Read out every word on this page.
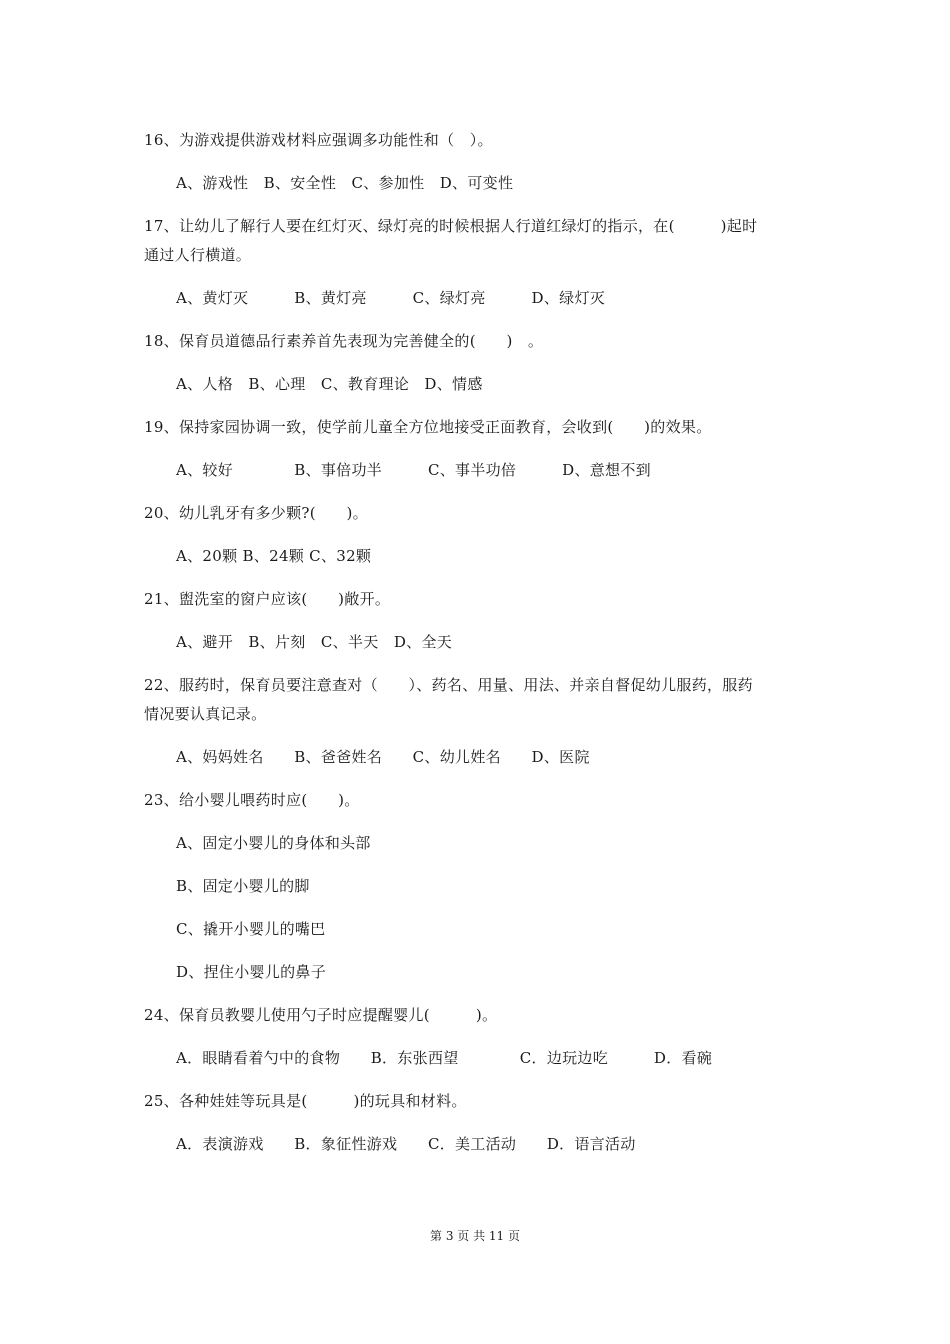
16、为游戏提供游戏材料应强调多功能性和（　）。

A、游戏性　B、安全性　C、参加性　D、可变性

17、让幼儿了解行人要在红灯灭、绿灯亮的时候根据人行道红绿灯的指示，在(　　　)起时
通过人行横道。

A、黄灯灭　　　B、黄灯亮　　　C、绿灯亮　　　D、绿灯灭

18、保育员道德品行素养首先表现为完善健全的(　　)　。

A、人格　B、心理　C、教育理论　D、情感

19、保持家园协调一致，使学前儿童全方位地接受正面教育，会收到(　　)的效果。

A、较好　　　　B、事倍功半　　　C、事半功倍　　　D、意想不到

20、幼儿乳牙有多少颗?(　　)。

A、20颗 B、24颗 C、32颗

21、盥洗室的窗户应该(　　)敞开。

A、避开　B、片刻　C、半天　D、全天

22、服药时，保育员要注意查对（　　）、药名、用量、用法、并亲自督促幼儿服药，服药
情况要认真记录。

A、妈妈姓名　　B、爸爸姓名　　C、幼儿姓名　　D、医院

23、给小婴儿喂药时应(　　)。

A、固定小婴儿的身体和头部

B、固定小婴儿的脚

C、撬开小婴儿的嘴巴

D、捏住小婴儿的鼻子

24、保育员教婴儿使用勺子时应提醒婴儿(　　　)。

A．眼睛看着勺中的食物　　B．东张西望　　　　C．边玩边吃　　　D．看碗

25、各种娃娃等玩具是(　　　)的玩具和材料。

A．表演游戏　　B．象征性游戏　　C．美工活动　　D．语言活动

第 3 页 共 11 页
